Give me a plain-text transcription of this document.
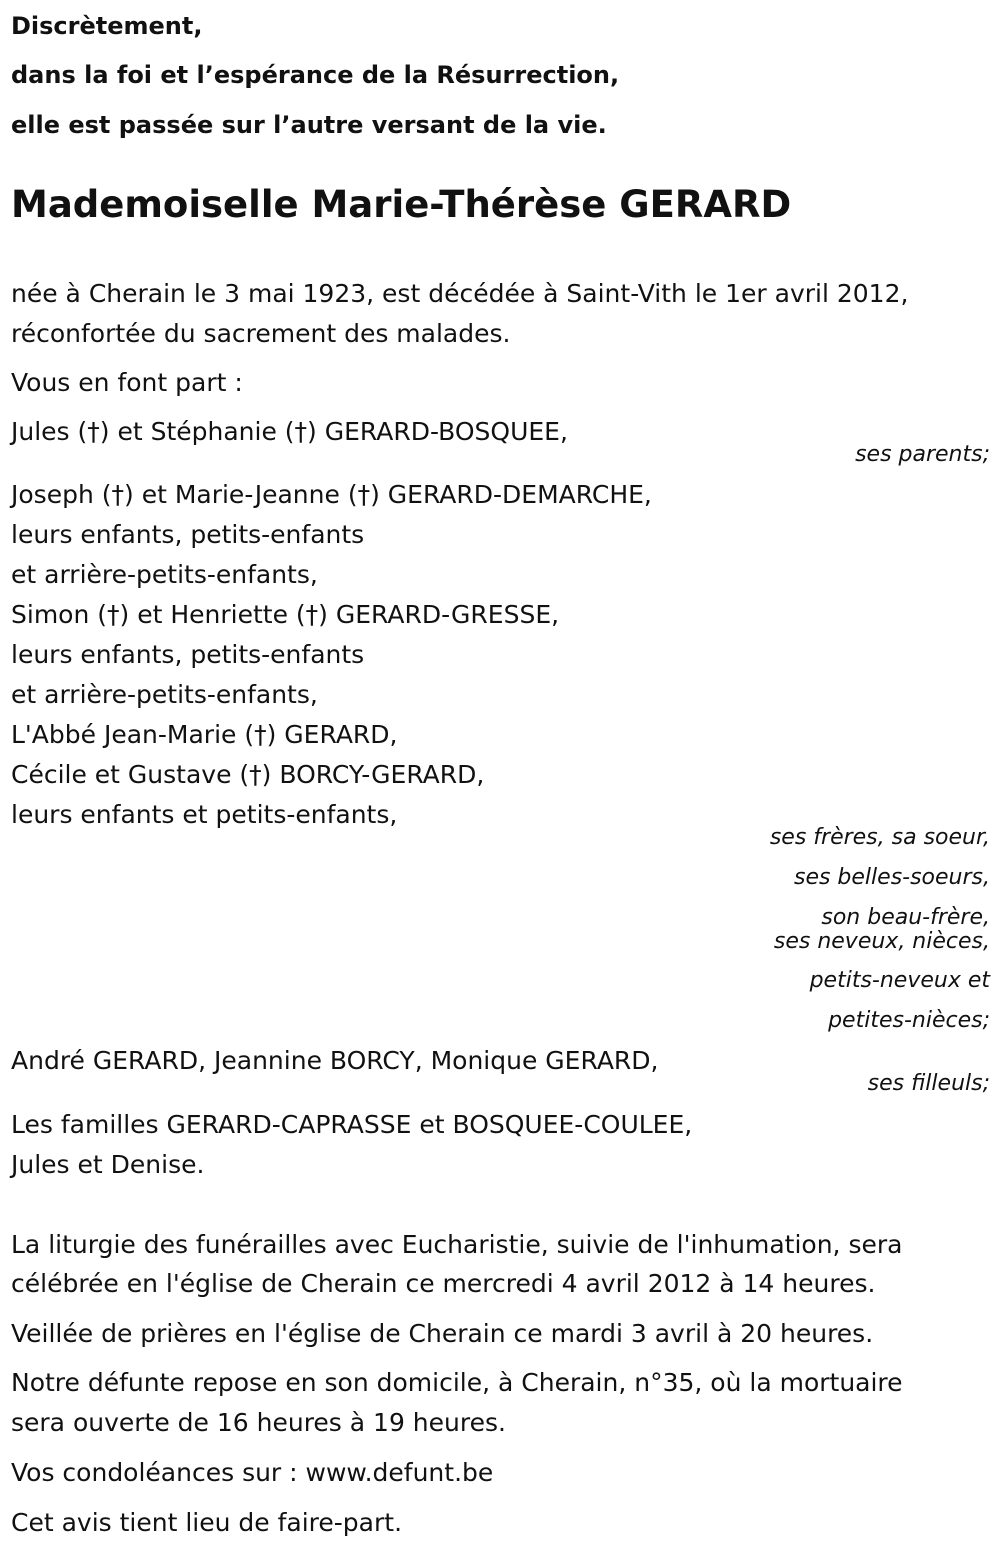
Discrètement,
dans la foi et l’espérance de la Résurrection,
elle est passée sur l’autre versant de la vie.
Mademoiselle Marie-Thérèse GERARD
née à Cherain le 3 mai 1923, est décédée à Saint-Vith le 1er avril 2012,
réconfortée du sacrement des malades.
Vous en font part :
Jules (†) et Stéphanie (†) GERARD-BOSQUEE,
ses parents;
Joseph (†) et Marie-Jeanne (†) GERARD-DEMARCHE,
leurs enfants, petits-enfants
et arrière-petits-enfants,
Simon (†) et Henriette (†) GERARD-GRESSE,
leurs enfants, petits-enfants
et arrière-petits-enfants,
L'Abbé Jean-Marie (†) GERARD,
Cécile et Gustave (†) BORCY-GERARD,
leurs enfants et petits-enfants,
ses frères, sa soeur,
ses belles-soeurs,
son beau-frère,
ses neveux, nièces,
petits-neveux et
petites-nièces;
André GERARD, Jeannine BORCY, Monique GERARD,
ses filleuls;
Les familles GERARD-CAPRASSE et BOSQUEE-COULEE,
Jules et Denise.
La liturgie des funérailles avec Eucharistie, suivie de l'inhumation, sera
célébrée en l'église de Cherain ce mercredi 4 avril 2012 à 14 heures.
Veillée de prières en l'église de Cherain ce mardi 3 avril à 20 heures.
Notre défunte repose en son domicile, à Cherain, n°35, où la mortuaire
sera ouverte de 16 heures à 19 heures.
Vos condoléances sur : www.defunt.be
Cet avis tient lieu de faire-part.
